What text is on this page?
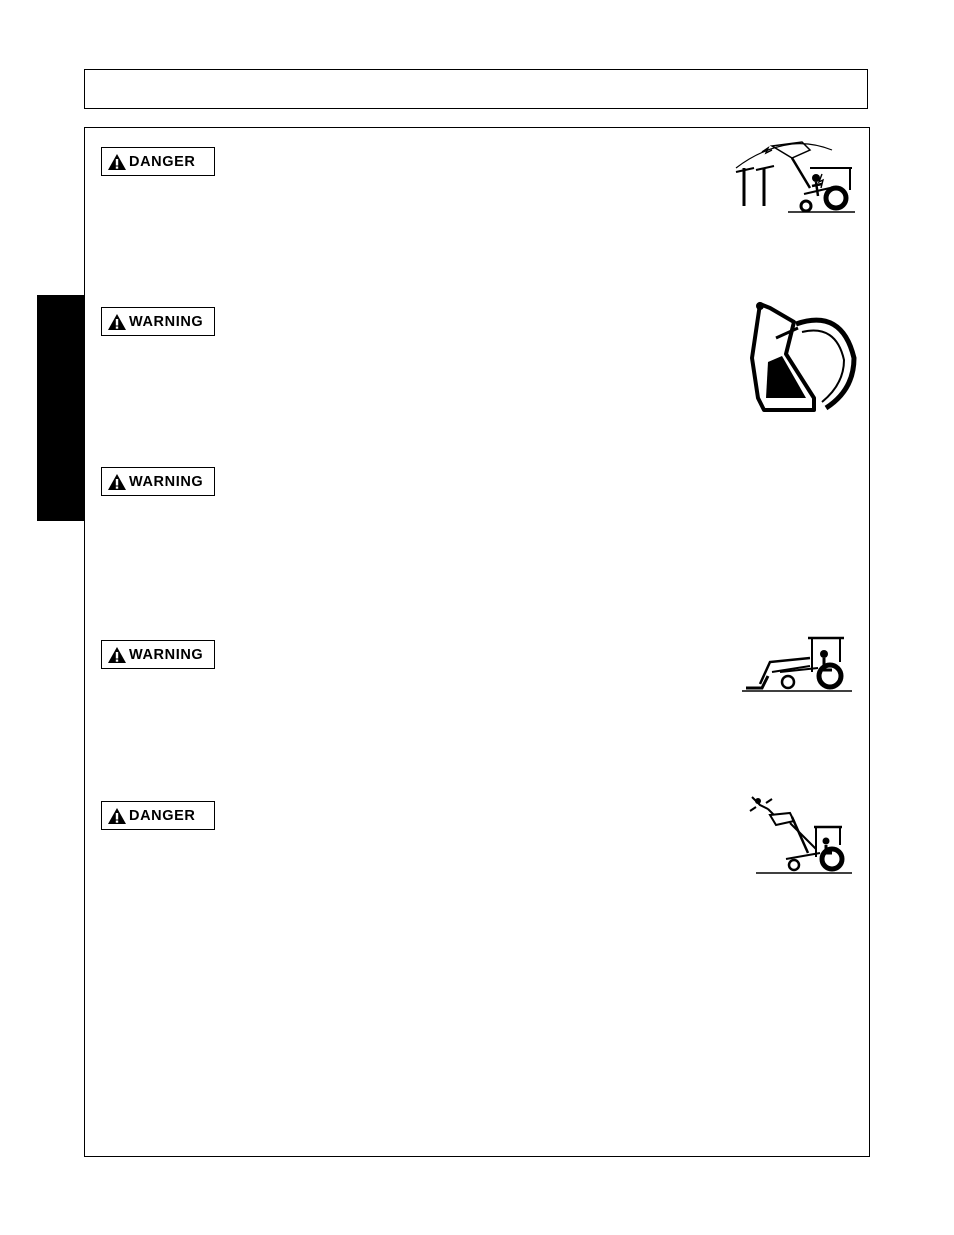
DANGER
WARNING
WARNING
WARNING
DANGER
